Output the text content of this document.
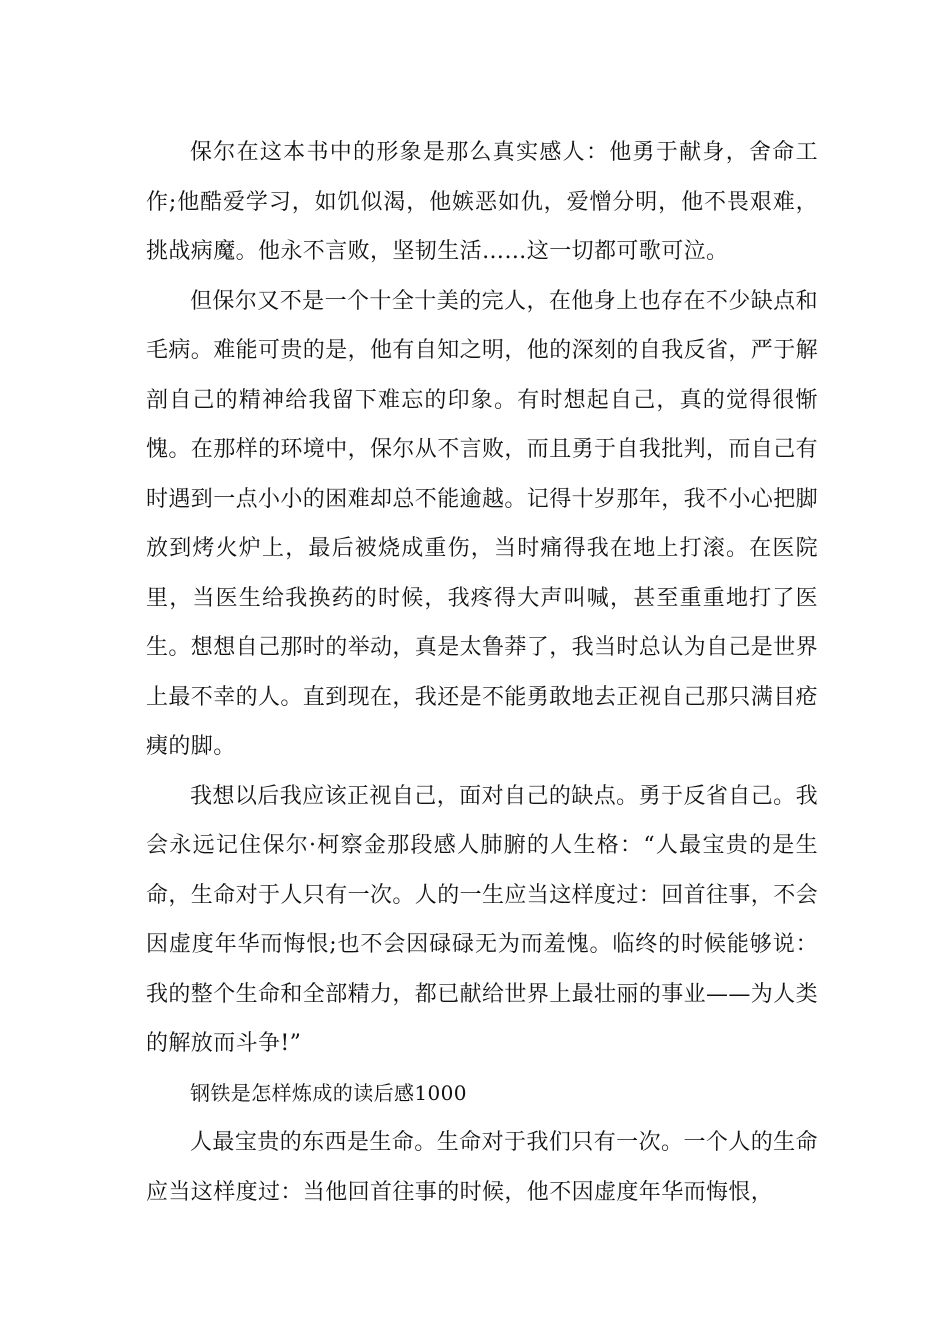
保尔在这本书中的形象是那么真实感人：他勇于献身，舍命工作;他酷爱学习，如饥似渴，他嫉恶如仇，爱憎分明，他不畏艰难，挑战病魔。他永不言败，坚韧生活……这一切都可歌可泣。

但保尔又不是一个十全十美的完人，在他身上也存在不少缺点和毛病。难能可贵的是，他有自知之明，他的深刻的自我反省，严于解剖自己的精神给我留下难忘的印象。有时想起自己，真的觉得很惭愧。在那样的环境中，保尔从不言败，而且勇于自我批判，而自己有时遇到一点小小的困难却总不能逾越。记得十岁那年，我不小心把脚放到烤火炉上，最后被烧成重伤，当时痛得我在地上打滚。在医院里，当医生给我换药的时候，我疼得大声叫喊，甚至重重地打了医生。想想自己那时的举动，真是太鲁莽了，我当时总认为自己是世界上最不幸的人。直到现在，我还是不能勇敢地去正视自己那只满目疮痍的脚。

我想以后我应该正视自己，面对自己的缺点。勇于反省自己。我会永远记住保尔·柯察金那段感人肺腑的人生格：“人最宝贵的是生命，生命对于人只有一次。人的一生应当这样度过：回首往事，不会因虚度年华而悔恨;也不会因碌碌无为而羞愧。临终的时候能够说：我的整个生命和全部精力，都已献给世界上最壮丽的事业——为人类的解放而斗争!”

钢铁是怎样炼成的读后感1000

人最宝贵的东西是生命。生命对于我们只有一次。一个人的生命应当这样度过：当他回首往事的时候，他不因虚度年华而悔恨，
